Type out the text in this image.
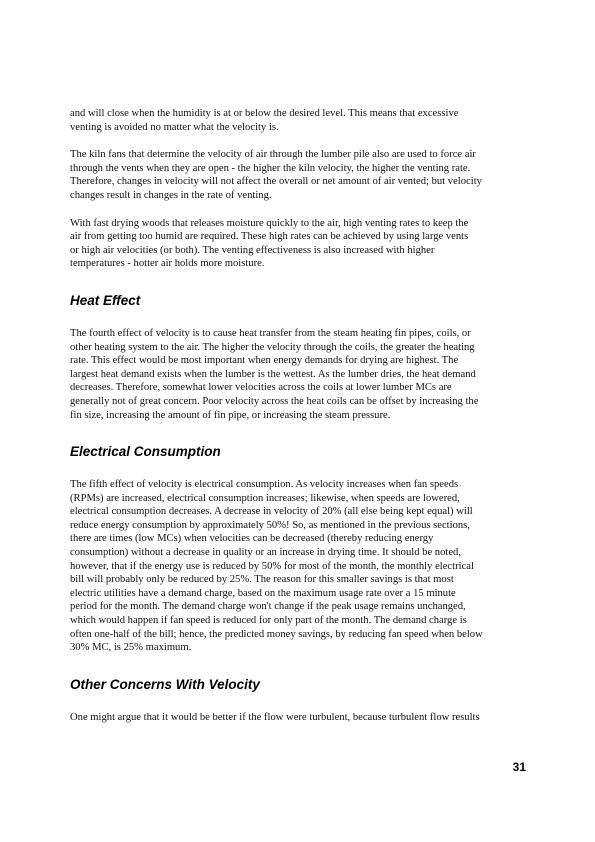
and will close when the humidity is at or below the desired level. This means that excessive
venting is avoided no matter what the velocity is.

The kiln fans that determine the velocity of air through the lumber pile also are used to force air
through the vents when they are open - the higher the kiln velocity, the higher the venting rate.
Therefore, changes in velocity will not affect the overall or net amount of air vented; but velocity
changes result in changes in the rate of venting.

With fast drying woods that releases moisture quickly to the air, high venting rates to keep the
air from getting too humid are required. These high rates can be achieved by using large vents
or high air velocities (or both). The venting effectiveness is also increased with higher
temperatures - hotter air holds more moisture.

Heat Effect

The fourth effect of velocity is to cause heat transfer from the steam heating fin pipes, coils, or
other heating system to the air. The higher the velocity through the coils, the greater the heating
rate. This effect would be most important when energy demands for drying are highest. The
largest heat demand exists when the lumber is the wettest. As the lumber dries, the heat demand
decreases. Therefore, somewhat lower velocities across the coils at lower lumber MCs are
generally not of great concern. Poor velocity across the heat coils can be offset by increasing the
fin size, increasing the amount of fin pipe, or increasing the steam pressure.

Electrical Consumption

The fifth effect of velocity is electrical consumption. As velocity increases when fan speeds
(RPMs) are increased, electrical consumption increases; likewise, when speeds are lowered,
electrical consumption decreases. A decrease in velocity of 20% (all else being kept equal) will
reduce energy consumption by approximately 50%! So, as mentioned in the previous sections,
there are times (low MCs) when velocities can be decreased (thereby reducing energy
consumption) without a decrease in quality or an increase in drying time. It should be noted,
however, that if the energy use is reduced by 50% for most of the month, the monthly electrical
bill will probably only be reduced by 25%. The reason for this smaller savings is that most
electric utilities have a demand charge, based on the maximum usage rate over a 15 minute
period for the month. The demand charge won't change if the peak usage remains unchanged,
which would happen if fan speed is reduced for only part of the month. The demand charge is
often one-half of the bill; hence, the predicted money savings, by reducing fan speed when below
30% MC, is 25% maximum.

Other Concerns With Velocity

One might argue that it would be better if the flow were turbulent, because turbulent flow results

31
